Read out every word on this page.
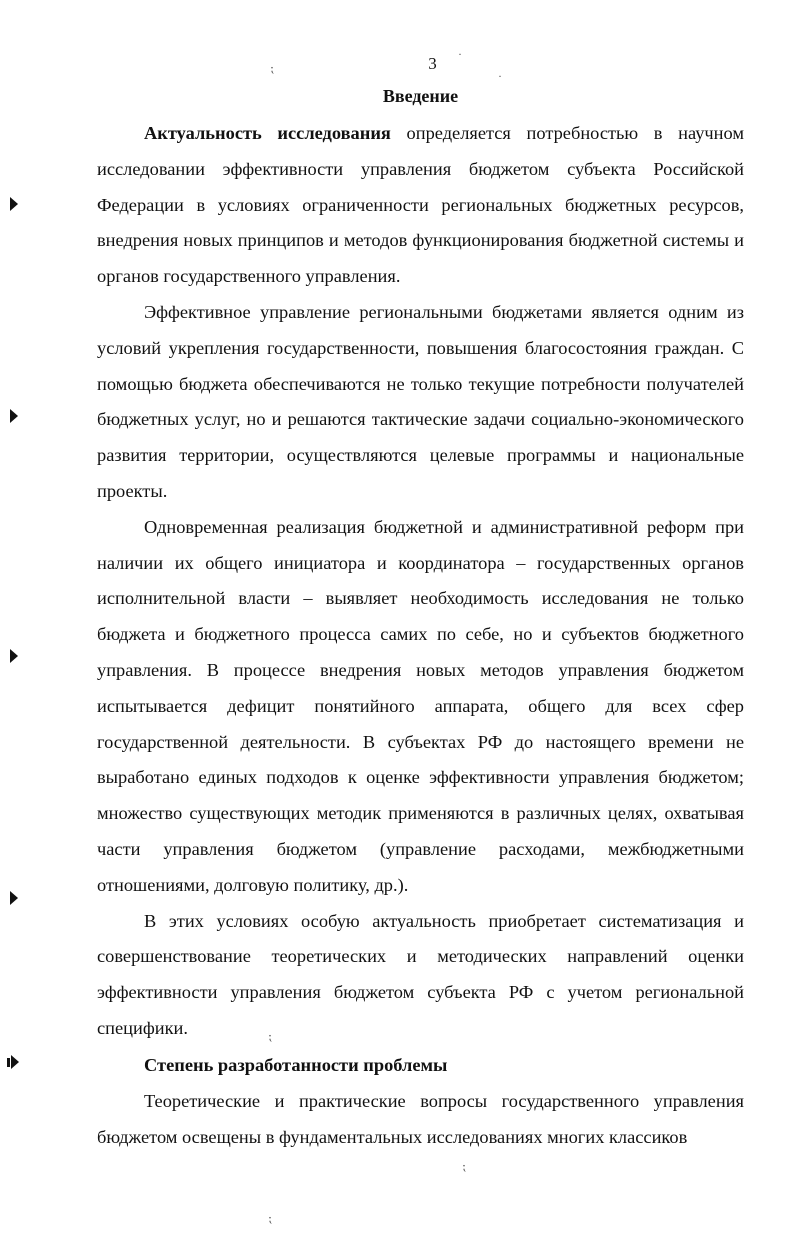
3
Введение

Актуальность исследования определяется потребностью в научном исследовании эффективности управления бюджетом субъекта Российской Федерации в условиях ограниченности региональных бюджетных ресурсов, внедрения новых принципов и методов функционирования бюджетной системы и органов государственного управления.

Эффективное управление региональными бюджетами является одним из условий укрепления государственности, повышения благосостояния граждан. С помощью бюджета обеспечиваются не только текущие потребности получателей бюджетных услуг, но и решаются тактические задачи социально-экономического развития территории, осуществляются целевые программы и национальные проекты.

Одновременная реализация бюджетной и административной реформ при наличии их общего инициатора и координатора – государственных органов исполнительной власти – выявляет необходимость исследования не только бюджета и бюджетного процесса самих по себе, но и субъектов бюджетного управления. В процессе внедрения новых методов управления бюджетом испытывается дефицит понятийного аппарата, общего для всех сфер государственной деятельности. В субъектах РФ до настоящего времени не выработано единых подходов к оценке эффективности управления бюджетом; множество существующих методик применяются в различных целях, охватывая части управления бюджетом (управление расходами, межбюджетными отношениями, долговую политику, др.).

В этих условиях особую актуальность приобретает систематизация и совершенствование теоретических и методических направлений оценки эффективности управления бюджетом субъекта РФ с учетом региональной специфики.

Степень разработанности проблемы

Теоретические и практические вопросы государственного управления бюджетом освещены в фундаментальных исследованиях многих классиков

⁏
·
·
⁏
⁏
⁏
